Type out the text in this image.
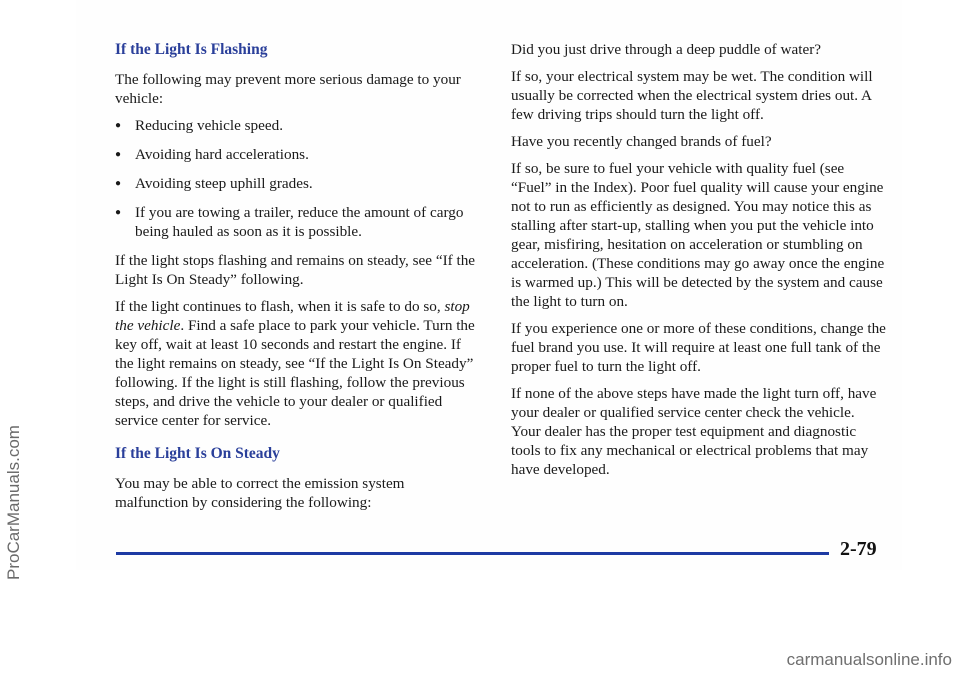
If the Light Is Flashing

The following may prevent more serious damage to your vehicle:

● Reducing vehicle speed.
● Avoiding hard accelerations.
● Avoiding steep uphill grades.
● If you are towing a trailer, reduce the amount of cargo being hauled as soon as it is possible.

If the light stops flashing and remains on steady, see “If the Light Is On Steady” following.

If the light continues to flash, when it is safe to do so, stop the vehicle. Find a safe place to park your vehicle. Turn the key off, wait at least 10 seconds and restart the engine. If the light remains on steady, see “If the Light Is On Steady” following. If the light is still flashing, follow the previous steps, and drive the vehicle to your dealer or qualified service center for service.

If the Light Is On Steady

You may be able to correct the emission system malfunction by considering the following:

Did you just drive through a deep puddle of water?

If so, your electrical system may be wet. The condition will usually be corrected when the electrical system dries out. A few driving trips should turn the light off.

Have you recently changed brands of fuel?

If so, be sure to fuel your vehicle with quality fuel (see “Fuel” in the Index). Poor fuel quality will cause your engine not to run as efficiently as designed. You may notice this as stalling after start-up, stalling when you put the vehicle into gear, misfiring, hesitation on acceleration or stumbling on acceleration. (These conditions may go away once the engine is warmed up.) This will be detected by the system and cause the light to turn on.

If you experience one or more of these conditions, change the fuel brand you use. It will require at least one full tank of the proper fuel to turn the light off.

If none of the above steps have made the light turn off, have your dealer or qualified service center check the vehicle. Your dealer has the proper test equipment and diagnostic tools to fix any mechanical or electrical problems that may have developed.

2-79
ProCarManuals.com
carmanualsonline.info
